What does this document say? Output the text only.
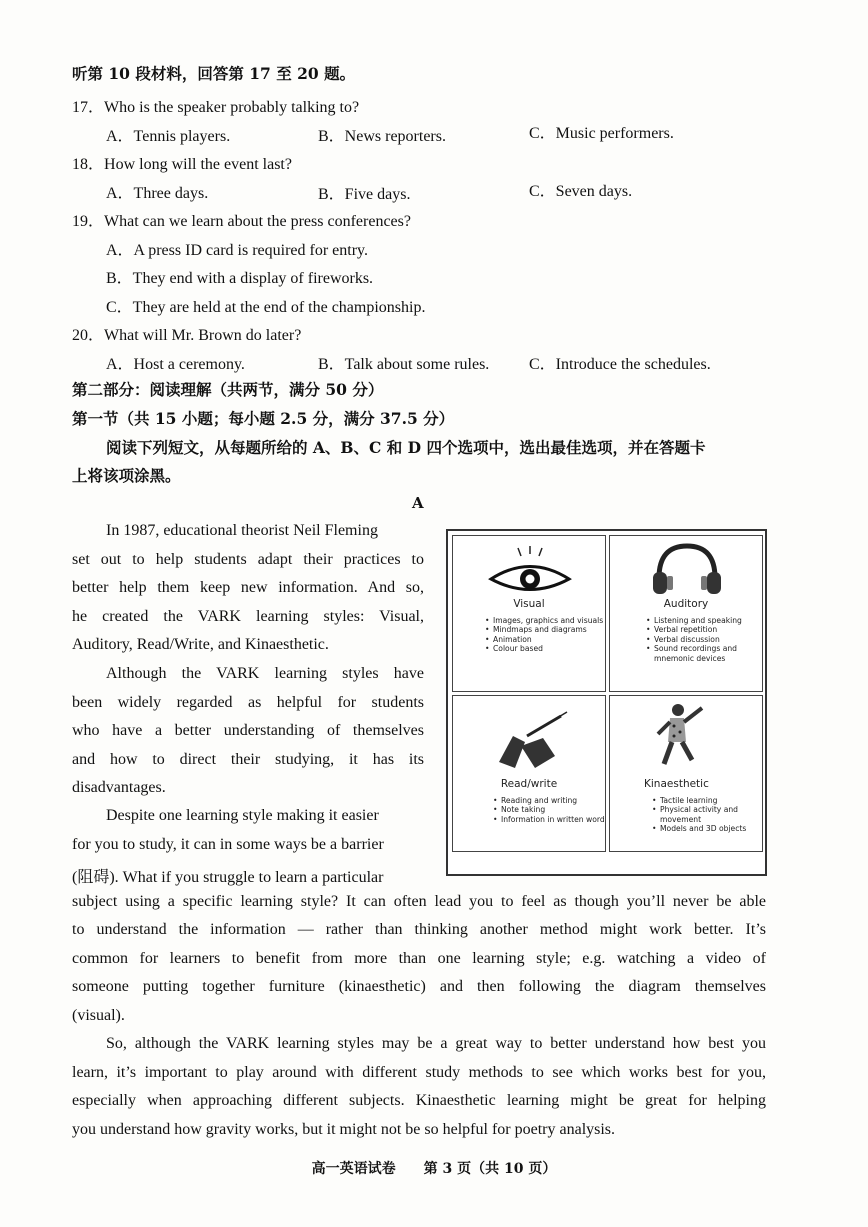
听第 10 段材料，回答第 17 至 20 题。
17．Who is the speaker probably talking to?
A．Tennis players.	B．News reporters.	C．Music performers.
18．How long will the event last?
A．Three days.	B．Five days.	C．Seven days.
19．What can we learn about the press conferences?
A．A press ID card is required for entry.
B．They end with a display of fireworks.
C．They are held at the end of the championship.
20．What will Mr. Brown do later?
A．Host a ceremony.	B．Talk about some rules. C．Introduce the schedules.
第二部分：阅读理解（共两节，满分 50 分）
第一节（共 15 小题；每小题 2.5 分，满分 37.5 分）
阅读下列短文，从每题所给的 A、B、C 和 D 四个选项中，选出最佳选项，并在答题卡
上将该项涂黑。
A
In 1987, educational theorist Neil Fleming
set out to help students adapt their practices to
better help them keep new information. And so,
he created the VARK learning styles: Visual,
Auditory, Read/Write, and Kinaesthetic.
Although the VARK learning styles have
been widely regarded as helpful for students
who have a better understanding of themselves
and how to direct their studying, it has its
disadvantages.
Despite one learning style making it easier
for you to study, it can in some ways be a barrier
(阻碍). What if you struggle to learn a particular
subject using a specific learning style? It can often lead you to feel as though you’ll never be able
to understand the information — rather than thinking another method might work better. It’s
common for learners to benefit from more than one learning style; e.g. watching a video of
someone putting together furniture (kinaesthetic) and then following the diagram themselves
(visual).
So, although the VARK learning styles may be a great way to better understand how best you
learn, it’s important to play around with different study methods to see which works best for you,
especially when approaching different subjects. Kinaesthetic learning might be great for helping
you understand how gravity works, but it might not be so helpful for poetry analysis.
Visual
• Images, graphics and visuals
• Mindmaps and diagrams
• Animation
• Colour based
Auditory
• Listening and speaking
• Verbal repetition
• Verbal discussion
• Sound recordings and mnemonic devices
Read/write
• Reading and writing
• Note taking
• Information in written word
Kinaesthetic
• Tactile learning
• Physical activity and movement
• Models and 3D objects
高一英语试卷　　第 3 页（共 10 页）
